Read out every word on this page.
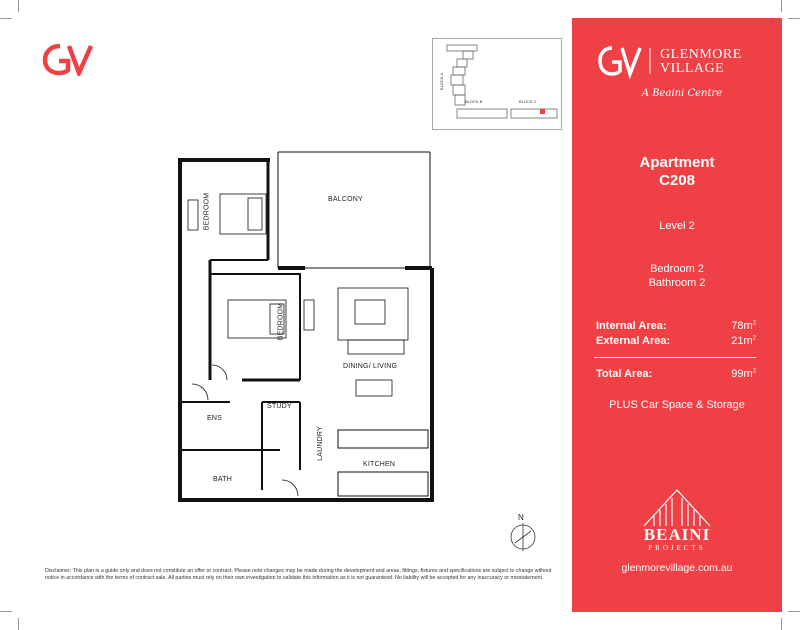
BLOCK A
BLOCK B	BLOCK C
BEDROOM
BEDROOM
BALCONY
DINING/ LIVING
ENS
STUDY
LAUNDRY
KITCHEN
BATH
N
Disclaimer: This plan is a guide only and does not constitute an offer or contract. Please note changes may be made during the development and areas, fittings, fixtures and specifications are subject to change without notice in accordance with the terms of contract sale. All parties must rely on their own investigation to validate this information as it is not guaranteed. No liability will be accepted for any inaccuracy or misstatement.
GLENMORE
VILLAGE
A Beaini Centre
Apartment
C208
Level 2
Bedroom 2
Bathroom 2
Internal Area:	$78m^2$
External Area:	$21m^2$
Total Area:	$99m^2$
PLUS Car Space & Storage
BEAINI
PROJECTS
glenmorevillage.com.au
